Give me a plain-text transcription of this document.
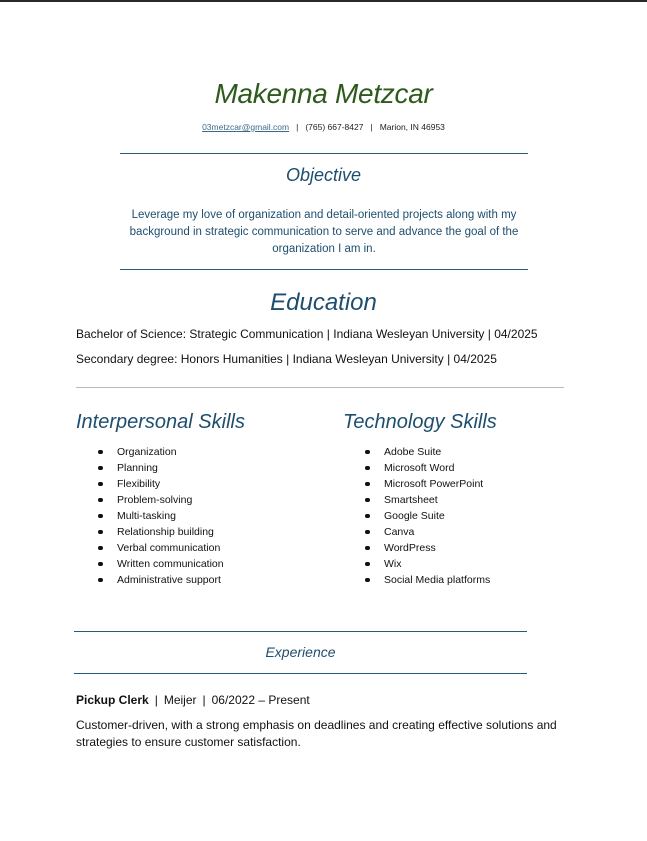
Makenna Metzcar
03metzcar@gmail.com | (765) 667-8427 | Marion, IN 46953
Objective
Leverage my love of organization and detail-oriented projects along with my background in strategic communication to serve and advance the goal of the organization I am in.
Education
Bachelor of Science: Strategic Communication | Indiana Wesleyan University | 04/2025
Secondary degree: Honors Humanities | Indiana Wesleyan University | 04/2025
Interpersonal Skills
Organization
Planning
Flexibility
Problem-solving
Multi-tasking
Relationship building
Verbal communication
Written communication
Administrative support
Technology Skills
Adobe Suite
Microsoft Word
Microsoft PowerPoint
Smartsheet
Google Suite
Canva
WordPress
Wix
Social Media platforms
Experience
Pickup Clerk | Meijer | 06/2022 – Present
Customer-driven, with a strong emphasis on deadlines and creating effective solutions and strategies to ensure customer satisfaction.
